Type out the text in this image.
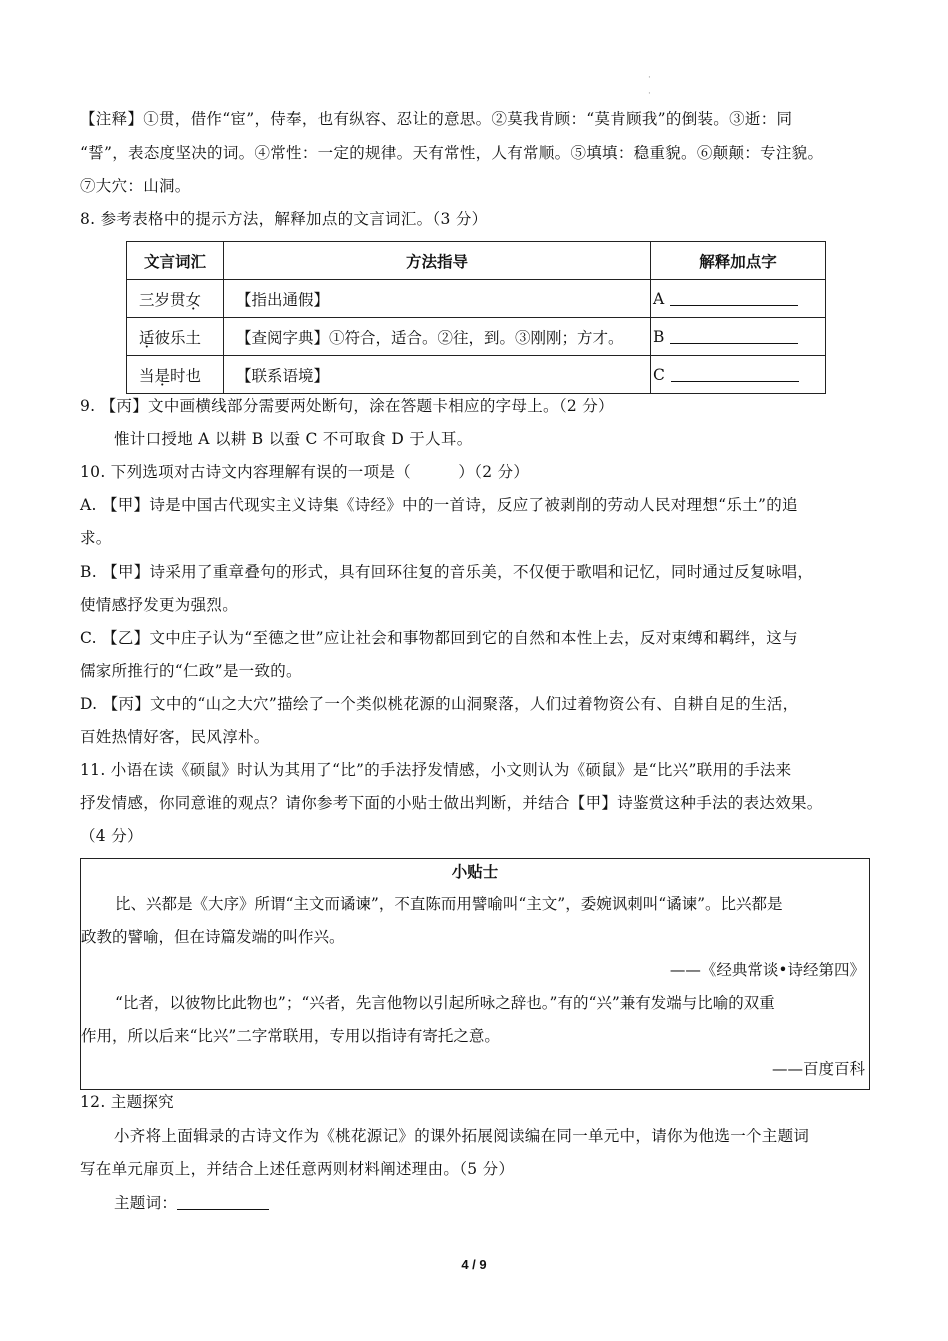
·
·
【注释】①贯，借作“宦”，侍奉，也有纵容、忍让的意思。②莫我肯顾：“莫肯顾我”的倒装。③逝：同
“誓”，表态度坚决的词。④常性：一定的规律。天有常性，人有常顺。⑤填填：稳重貌。⑥颠颠：专注貌。
⑦大穴：山洞。
8. 参考表格中的提示方法，解释加点的文言词汇。（3 分）
文言词汇	方法指导	解释加点字
三岁贯女	【指出通假】	A
适彼乐土	【查阅字典】①符合，适合。②往，到。③刚刚；方才。	B
当是时也	【联系语境】	C
9. 【丙】文中画横线部分需要两处断句，涂在答题卡相应的字母上。（2 分）
惟计口授地 A 以耕 B 以蚕 C 不可取食 D 于人耳。
10. 下列选项对古诗文内容理解有误的一项是（　　　）（2 分）
A. 【甲】诗是中国古代现实主义诗集《诗经》中的一首诗，反应了被剥削的劳动人民对理想“乐土”的追
求。
B. 【甲】诗采用了重章叠句的形式，具有回环往复的音乐美，不仅便于歌唱和记忆，同时通过反复咏唱，
使情感抒发更为强烈。
C. 【乙】文中庄子认为“至德之世”应让社会和事物都回到它的自然和本性上去，反对束缚和羁绊，这与
儒家所推行的“仁政”是一致的。
D. 【丙】文中的“山之大穴”描绘了一个类似桃花源的山洞聚落，人们过着物资公有、自耕自足的生活，
百姓热情好客，民风淳朴。
11. 小语在读《硕鼠》时认为其用了“比”的手法抒发情感，小文则认为《硕鼠》是“比兴”联用的手法来
抒发情感，你同意谁的观点？请你参考下面的小贴士做出判断，并结合【甲】诗鉴赏这种手法的表达效果。
（4 分）
小贴士
比、兴都是《大序》所谓“主文而谲谏”，不直陈而用譬喻叫“主文”，委婉讽刺叫“谲谏”。比兴都是
政教的譬喻，但在诗篇发端的叫作兴。
——《经典常谈•诗经第四》
“比者，以彼物比此物也”；“兴者，先言他物以引起所咏之辞也。”有的“兴”兼有发端与比喻的双重
作用，所以后来“比兴”二字常联用，专用以指诗有寄托之意。
——百度百科
12. 主题探究
小齐将上面辑录的古诗文作为《桃花源记》的课外拓展阅读编在同一单元中，请你为他选一个主题词
写在单元扉页上，并结合上述任意两则材料阐述理由。（5 分）
主题词：
4 / 9
